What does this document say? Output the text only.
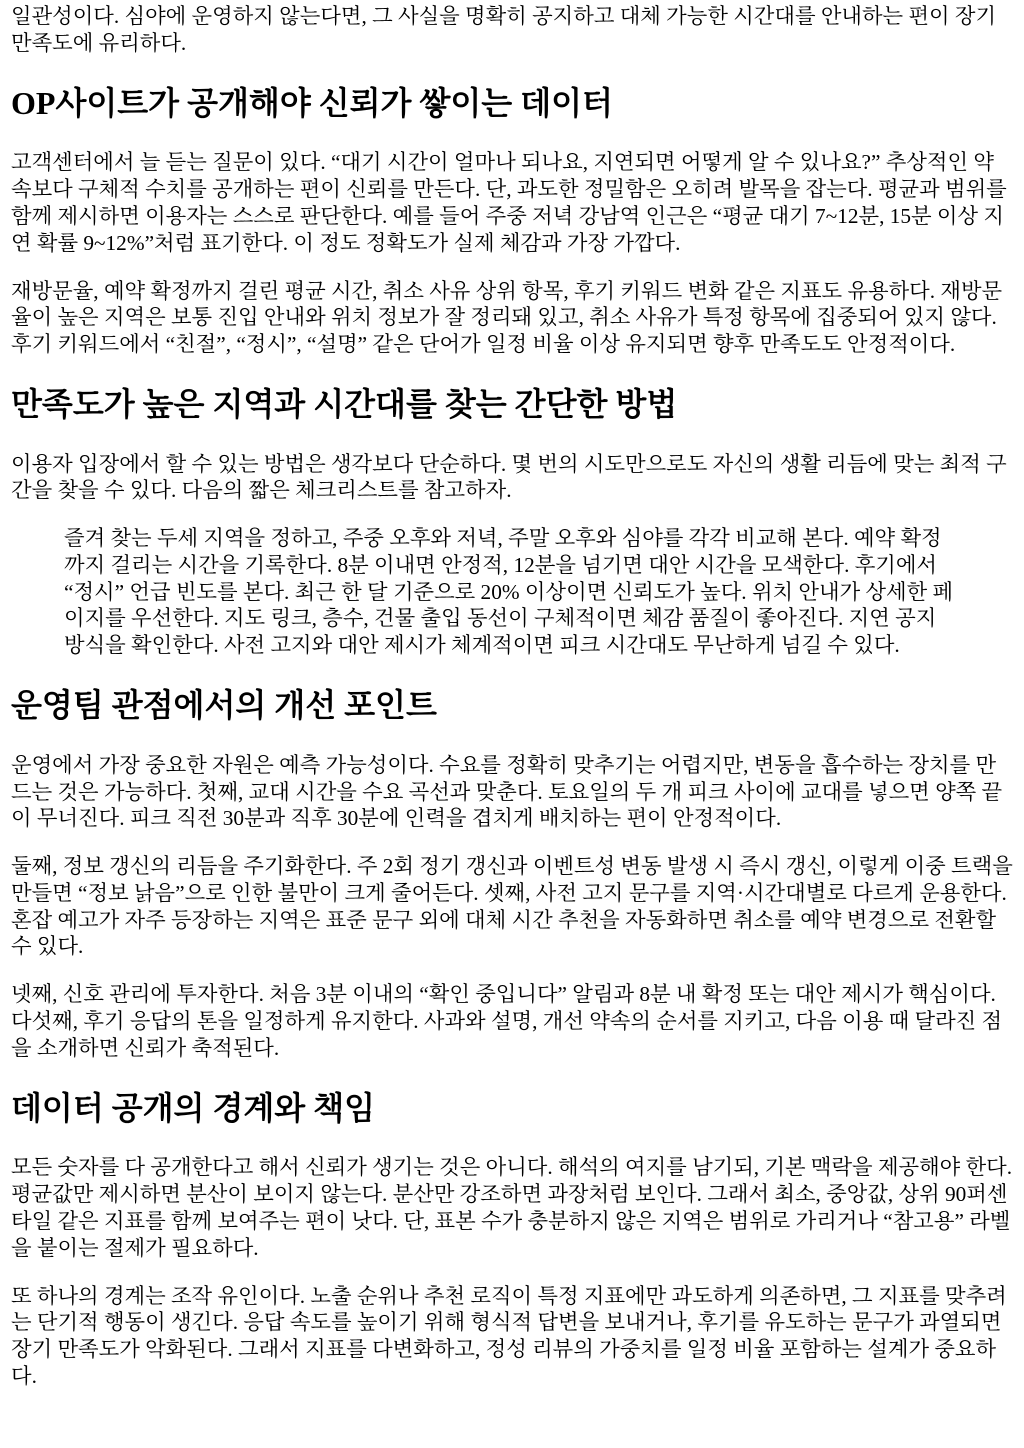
일관성이다. 심야에 운영하지 않는다면, 그 사실을 명확히 공지하고 대체 가능한 시간대를 안내하는 편이 장기 만족도에 유리하다.

OP사이트가 공개해야 신뢰가 쌓이는 데이터

고객센터에서 늘 듣는 질문이 있다. “대기 시간이 얼마나 되나요, 지연되면 어떻게 알 수 있나요?” 추상적인 약속보다 구체적 수치를 공개하는 편이 신뢰를 만든다. 단, 과도한 정밀함은 오히려 발목을 잡는다. 평균과 범위를 함께 제시하면 이용자는 스스로 판단한다. 예를 들어 주중 저녁 강남역 인근은 “평균 대기 7~12분, 15분 이상 지연 확률 9~12%”처럼 표기한다. 이 정도 정확도가 실제 체감과 가장 가깝다.

재방문율, 예약 확정까지 걸린 평균 시간, 취소 사유 상위 항목, 후기 키워드 변화 같은 지표도 유용하다. 재방문율이 높은 지역은 보통 진입 안내와 위치 정보가 잘 정리돼 있고, 취소 사유가 특정 항목에 집중되어 있지 않다. 후기 키워드에서 “친절”, “정시”, “설명” 같은 단어가 일정 비율 이상 유지되면 향후 만족도도 안정적이다.

만족도가 높은 지역과 시간대를 찾는 간단한 방법

이용자 입장에서 할 수 있는 방법은 생각보다 단순하다. 몇 번의 시도만으로도 자신의 생활 리듬에 맞는 최적 구간을 찾을 수 있다. 다음의 짧은 체크리스트를 참고하자.

즐겨 찾는 두세 지역을 정하고, 주중 오후와 저녁, 주말 오후와 심야를 각각 비교해 본다. 예약 확정까지 걸리는 시간을 기록한다. 8분 이내면 안정적, 12분을 넘기면 대안 시간을 모색한다. 후기에서 “정시” 언급 빈도를 본다. 최근 한 달 기준으로 20% 이상이면 신뢰도가 높다. 위치 안내가 상세한 페이지를 우선한다. 지도 링크, 층수, 건물 출입 동선이 구체적이면 체감 품질이 좋아진다. 지연 공지 방식을 확인한다. 사전 고지와 대안 제시가 체계적이면 피크 시간대도 무난하게 넘길 수 있다.

운영팀 관점에서의 개선 포인트

운영에서 가장 중요한 자원은 예측 가능성이다. 수요를 정확히 맞추기는 어렵지만, 변동을 흡수하는 장치를 만드는 것은 가능하다. 첫째, 교대 시간을 수요 곡선과 맞춘다. 토요일의 두 개 피크 사이에 교대를 넣으면 양쪽 끝이 무너진다. 피크 직전 30분과 직후 30분에 인력을 겹치게 배치하는 편이 안정적이다.

둘째, 정보 갱신의 리듬을 주기화한다. 주 2회 정기 갱신과 이벤트성 변동 발생 시 즉시 갱신, 이렇게 이중 트랙을 만들면 “정보 낡음”으로 인한 불만이 크게 줄어든다. 셋째, 사전 고지 문구를 지역·시간대별로 다르게 운용한다. 혼잡 예고가 자주 등장하는 지역은 표준 문구 외에 대체 시간 추천을 자동화하면 취소를 예약 변경으로 전환할 수 있다.

넷째, 신호 관리에 투자한다. 처음 3분 이내의 “확인 중입니다” 알림과 8분 내 확정 또는 대안 제시가 핵심이다. 다섯째, 후기 응답의 톤을 일정하게 유지한다. 사과와 설명, 개선 약속의 순서를 지키고, 다음 이용 때 달라진 점을 소개하면 신뢰가 축적된다.

데이터 공개의 경계와 책임

모든 숫자를 다 공개한다고 해서 신뢰가 생기는 것은 아니다. 해석의 여지를 남기되, 기본 맥락을 제공해야 한다. 평균값만 제시하면 분산이 보이지 않는다. 분산만 강조하면 과장처럼 보인다. 그래서 최소, 중앙값, 상위 90퍼센타일 같은 지표를 함께 보여주는 편이 낫다. 단, 표본 수가 충분하지 않은 지역은 범위로 가리거나 “참고용” 라벨을 붙이는 절제가 필요하다.

또 하나의 경계는 조작 유인이다. 노출 순위나 추천 로직이 특정 지표에만 과도하게 의존하면, 그 지표를 맞추려는 단기적 행동이 생긴다. 응답 속도를 높이기 위해 형식적 답변을 보내거나, 후기를 유도하는 문구가 과열되면 장기 만족도가 악화된다. 그래서 지표를 다변화하고, 정성 리뷰의 가중치를 일정 비율 포함하는 설계가 중요하다.
